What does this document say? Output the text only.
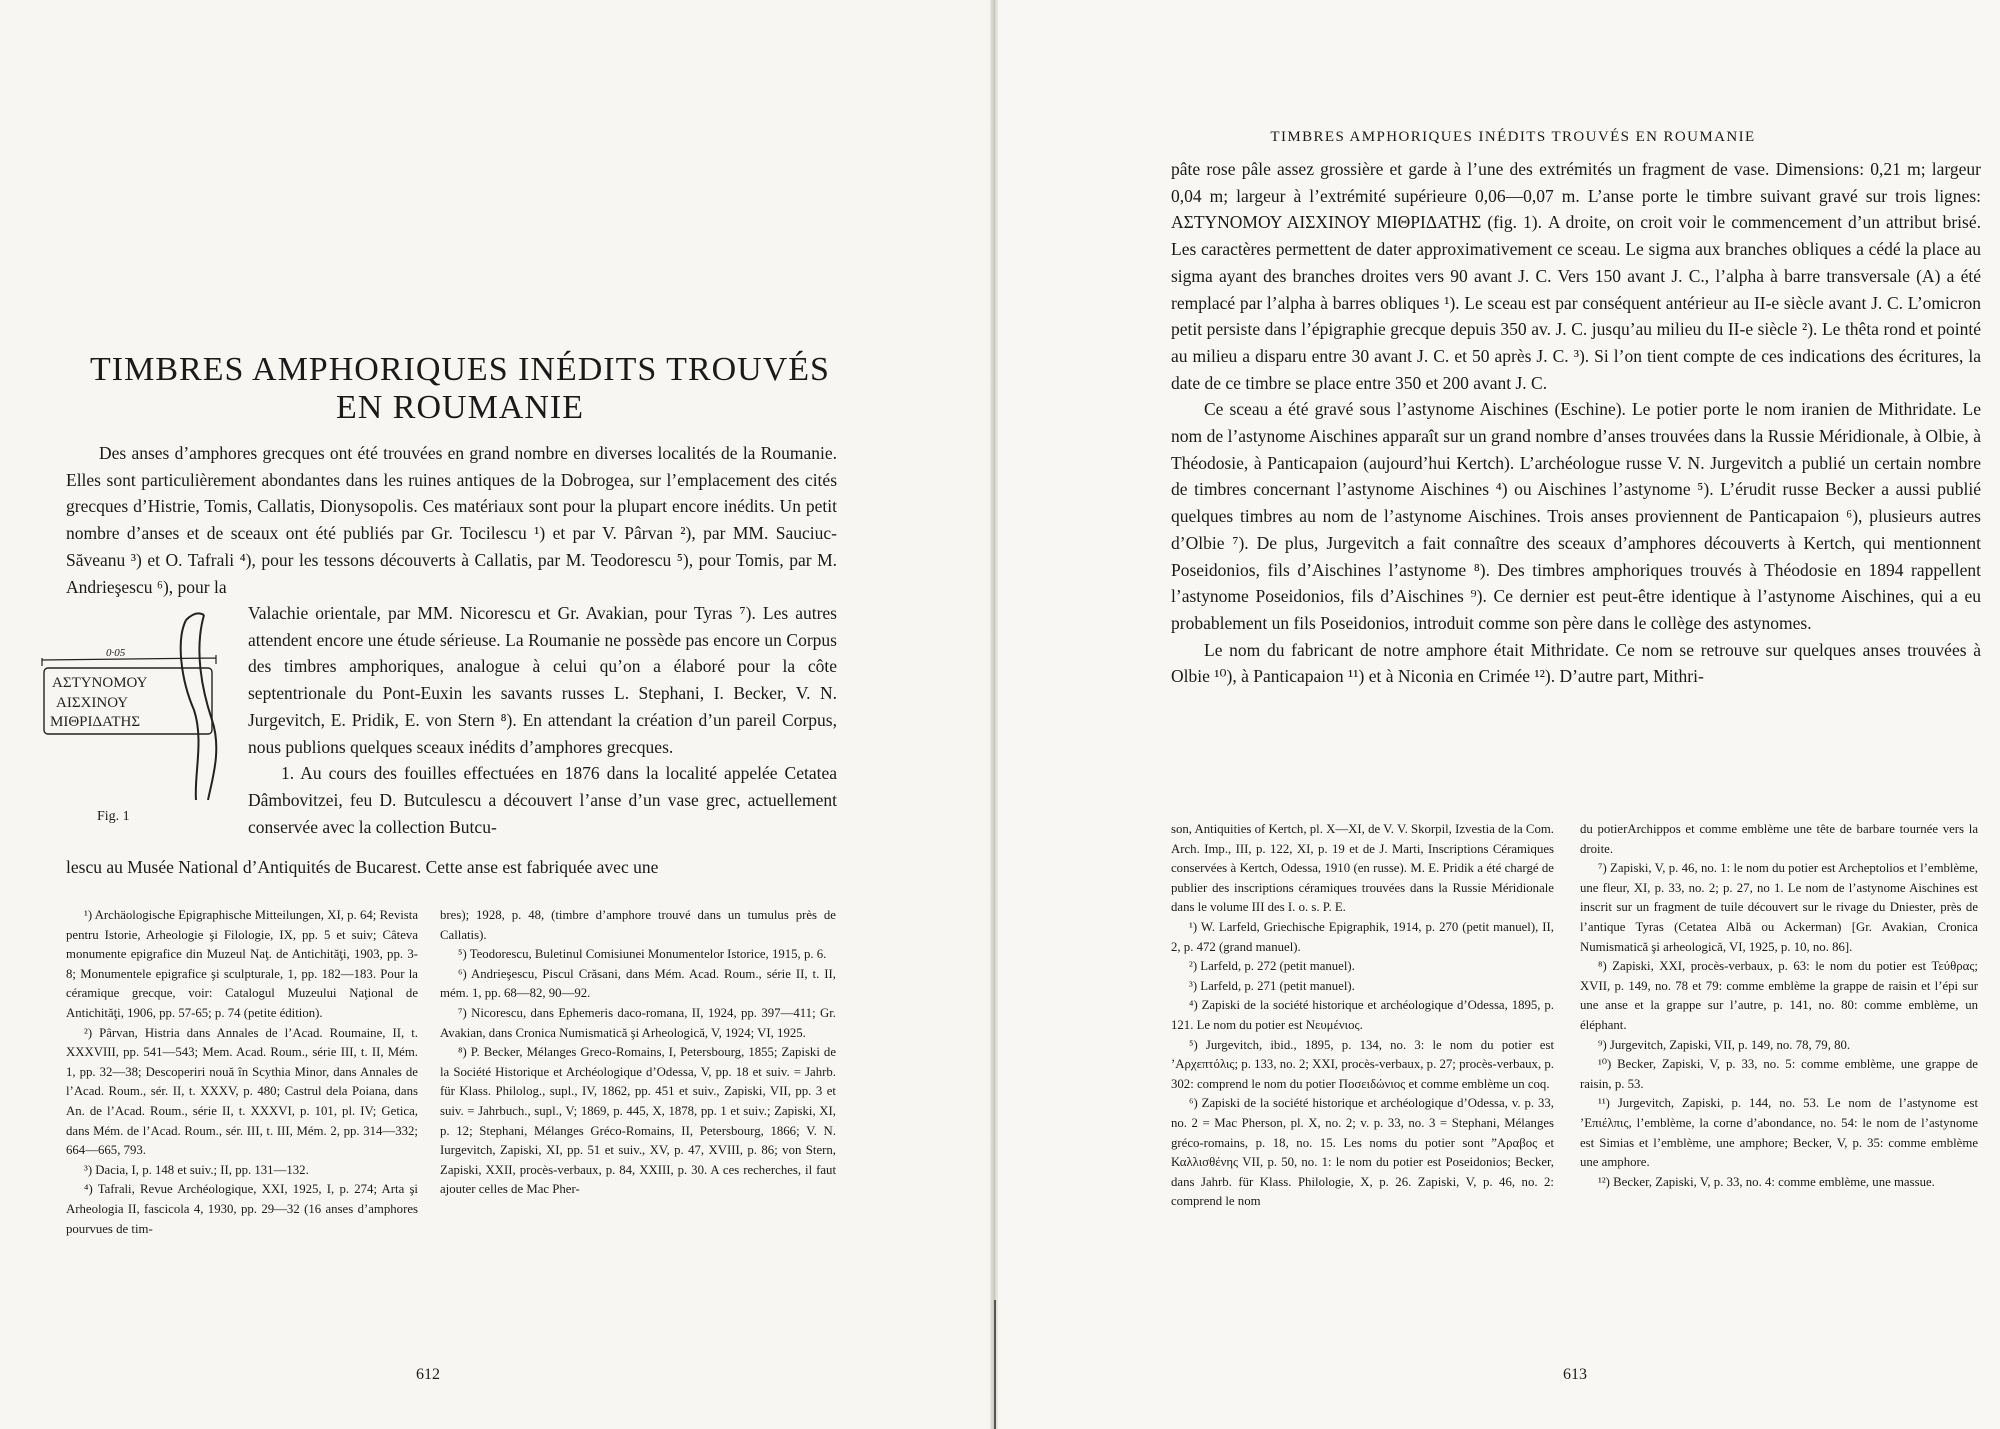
TIMBRES AMPHORIQUES INÉDITS TROUVÉS
EN ROUMANIE

Des anses d’amphores grecques ont été trouvées en grand nombre en diverses localités de la Roumanie. Elles sont particulièrement abondantes dans les ruines antiques de la Dobrogea, sur l’emplacement des cités grecques d’Histrie, Tomis, Callatis, Dionysopolis. Ces matériaux sont pour la plupart encore inédits. Un petit nombre d’anses et de sceaux ont été publiés par Gr. Tocilescu ¹) et par V. Pârvan ²), par MM. Sauciuc-Săveanu ³) et O. Tafrali ⁴), pour les tessons découverts à Callatis, par M. Teodorescu ⁵), pour Tomis, par M. Andrieşescu ⁶), pour la

0·05
ΑΣΤΥΝΟΜΟΥ
ΑΙΣΧΙΝΟΥ
ΜΙΘΡΙΔΑΤΗΣ
Fig. 1

Valachie orientale, par MM. Nicorescu et Gr. Avakian, pour Tyras ⁷). Les autres attendent encore une étude sérieuse. La Roumanie ne possède pas encore un Corpus des timbres amphoriques, analogue à celui qu’on a élaboré pour la côte septentrionale du Pont-Euxin les savants russes L. Stephani, I. Becker, V. N. Jurgevitch, E. Pridik, E. von Stern ⁸). En attendant la création d’un pareil Corpus, nous publions quelques sceaux inédits d’amphores grecques.

1. Au cours des fouilles effectuées en 1876 dans la localité appelée Cetatea Dâmbovitzei, feu D. Butculescu a découvert l’anse d’un vase grec, actuellement conservée avec la collection Butcu-

lescu au Musée National d’Antiquités de Bucarest. Cette anse est fabriquée avec une

¹) Archäologische Epigraphische Mitteilungen, XI, p. 64; Revista pentru Istorie, Arheologie şi Filologie, IX, pp. 5 et suiv; Câteva monumente epigrafice din Muzeul Naţ. de Antichităţi, 1903, pp. 3-8; Monumentele epigrafice şi sculpturale, 1, pp. 182—183. Pour la céramique grecque, voir: Catalogul Muzeului Naţional de Antichităţi, 1906, pp. 57-65; p. 74 (petite édition).

²) Pârvan, Histria dans Annales de l’Acad. Roumaine, II, t. XXXVIII, pp. 541—543; Mem. Acad. Roum., série III, t. II, Mém. 1, pp. 32—38; Descoperiri nouă în Scythia Minor, dans Annales de l’Acad. Roum., sér. II, t. XXXV, p. 480; Castrul dela Poiana, dans An. de l’Acad. Roum., série II, t. XXXVI, p. 101, pl. IV; Getica, dans Mém. de l’Acad. Roum., sér. III, t. III, Mém. 2, pp. 314—332; 664—665, 793.

³) Dacia, I, p. 148 et suiv.; II, pp. 131—132.

⁴) Tafrali, Revue Archéologique, XXI, 1925, I, p. 274; Arta şi Arheologia II, fascicola 4, 1930, pp. 29—32 (16 anses d’amphores pourvues de tim-

bres); 1928, p. 48, (timbre d’amphore trouvé dans un tumulus près de Callatis).

⁵) Teodorescu, Buletinul Comisiunei Monumentelor Istorice, 1915, p. 6.

⁶) Andrieşescu, Piscul Crăsani, dans Mém. Acad. Roum., série II, t. II, mém. 1, pp. 68—82, 90—92.

⁷) Nicorescu, dans Ephemeris daco-romana, II, 1924, pp. 397—411; Gr. Avakian, dans Cronica Numismatică şi Arheologică, V, 1924; VI, 1925.

⁸) P. Becker, Mélanges Greco-Romains, I, Petersbourg, 1855; Zapiski de la Société Historique et Archéologique d’Odessa, V, pp. 18 et suiv. = Jahrb. für Klass. Philolog., supl., IV, 1862, pp. 451 et suiv., Zapiski, VII, pp. 3 et suiv. = Jahrbuch., supl., V; 1869, p. 445, X, 1878, pp. 1 et suiv.; Zapiski, XI, p. 12; Stephani, Mélanges Gréco-Romains, II, Petersbourg, 1866; V. N. Iurgevitch, Zapiski, XI, pp. 51 et suiv., XV, p. 47, XVIII, p. 86; von Stern, Zapiski, XXII, procès-verbaux, p. 84, XXIII, p. 30. A ces recherches, il faut ajouter celles de Mac Pher-

612
TIMBRES AMPHORIQUES INÉDITS TROUVÉS EN ROUMANIE

pâte rose pâle assez grossière et garde à l’une des extrémités un fragment de vase. Dimensions: 0,21 m; largeur 0,04 m; largeur à l’extrémité supérieure 0,06—0,07 m. L’anse porte le timbre suivant gravé sur trois lignes: ΑΣΤΥΝΟΜΟΥ ΑΙΣΧΙΝΟΥ ΜΙΘΡΙΔΑΤΗΣ (fig. 1). A droite, on croit voir le commencement d’un attribut brisé. Les caractères permettent de dater approximativement ce sceau. Le sigma aux branches obliques a cédé la place au sigma ayant des branches droites vers 90 avant J. C. Vers 150 avant J. C., l’alpha à barre transversale (A) a été remplacé par l’alpha à barres obliques ¹). Le sceau est par conséquent antérieur au II-e siècle avant J. C. L’omicron petit persiste dans l’épigraphie grecque depuis 350 av. J. C. jusqu’au milieu du II-e siècle ²). Le thêta rond et pointé au milieu a disparu entre 30 avant J. C. et 50 après J. C. ³). Si l’on tient compte de ces indications des écritures, la date de ce timbre se place entre 350 et 200 avant J. C.

Ce sceau a été gravé sous l’astynome Aischines (Eschine). Le potier porte le nom iranien de Mithridate. Le nom de l’astynome Aischines apparaît sur un grand nombre d’anses trouvées dans la Russie Méridionale, à Olbie, à Théodosie, à Panticapaion (aujourd’hui Kertch). L’archéologue russe V. N. Jurgevitch a publié un certain nombre de timbres concernant l’astynome Aischines ⁴) ou Aischines l’astynome ⁵). L’érudit russe Becker a aussi publié quelques timbres au nom de l’astynome Aischines. Trois anses proviennent de Panticapaion ⁶), plusieurs autres d’Olbie ⁷). De plus, Jurgevitch a fait connaître des sceaux d’amphores découverts à Kertch, qui mentionnent Poseidonios, fils d’Aischines l’astynome ⁸). Des timbres amphoriques trouvés à Théodosie en 1894 rappellent l’astynome Poseidonios, fils d’Aischines ⁹). Ce dernier est peut-être identique à l’astynome Aischines, qui a eu probablement un fils Poseidonios, introduit comme son père dans le collège des astynomes.

Le nom du fabricant de notre amphore était Mithridate. Ce nom se retrouve sur quelques anses trouvées à Olbie ¹⁰), à Panticapaion ¹¹) et à Niconia en Crimée ¹²). D’autre part, Mithri-

son, Antiquities of Kertch, pl. X—XI, de V. V. Skorpil, Izvestia de la Com. Arch. Imp., III, p. 122, XI, p. 19 et de J. Marti, Inscriptions Céramiques conservées à Kertch, Odessa, 1910 (en russe). M. E. Pridik a été chargé de publier des inscriptions céramiques trouvées dans la Russie Méridionale dans le volume III des I. o. s. P. E.

¹) W. Larfeld, Griechische Epigraphik, 1914, p. 270 (petit manuel), II, 2, p. 472 (grand manuel).

²) Larfeld, p. 272 (petit manuel).

³) Larfeld, p. 271 (petit manuel).

⁴) Zapiski de la société historique et archéologique d’Odessa, 1895, p. 121. Le nom du potier est Νευμένιος.

⁵) Jurgevitch, ibid., 1895, p. 134, no. 3: le nom du potier est ’Αρχεπτόλις; p. 133, no. 2; XXI, procès-verbaux, p. 27; procès-verbaux, p. 302: comprend le nom du potier Ποσειδώνιος et comme emblème un coq.

⁶) Zapiski de la société historique et archéologique d’Odessa, v. p. 33, no. 2 = Mac Pherson, pl. X, no. 2; v. p. 33, no. 3 = Stephani, Mélanges gréco-romains, p. 18, no. 15. Les noms du potier sont ”Αραβος et Καλλισθένης VII, p. 50, no. 1: le nom du potier est Poseidonios; Becker, dans Jahrb. für Klass. Philologie, X, p. 26. Zapiski, V, p. 46, no. 2: comprend le nom

du potierArchippos et comme emblème une tête de barbare tournée vers la droite.

⁷) Zapiski, V, p. 46, no. 1: le nom du potier est Archeptolios et l’emblème, une fleur, XI, p. 33, no. 2; p. 27, no 1. Le nom de l’astynome Aischines est inscrit sur un fragment de tuile découvert sur le rivage du Dniester, près de l’antique Tyras (Cetatea Albă ou Ackerman) [Gr. Avakian, Cronica Numismatică şi arheologică, VI, 1925, p. 10, no. 86].

⁸) Zapiski, XXI, procès-verbaux, p. 63: le nom du potier est Τεύθρας; XVII, p. 149, no. 78 et 79: comme emblème la grappe de raisin et l’épi sur une anse et la grappe sur l’autre, p. 141, no. 80: comme emblème, un éléphant.

⁹) Jurgevitch, Zapiski, VII, p. 149, no. 78, 79, 80.

¹⁰) Becker, Zapiski, V, p. 33, no. 5: comme emblème, une grappe de raisin, p. 53.

¹¹) Jurgevitch, Zapiski, p. 144, no. 53. Le nom de l’astynome est ’Επιέλπις, l’emblème, la corne d’abondance, no. 54: le nom de l’astynome est Simias et l’emblème, une amphore; Becker, V, p. 35: comme emblème une amphore.

¹²) Becker, Zapiski, V, p. 33, no. 4: comme emblème, une massue.

613
